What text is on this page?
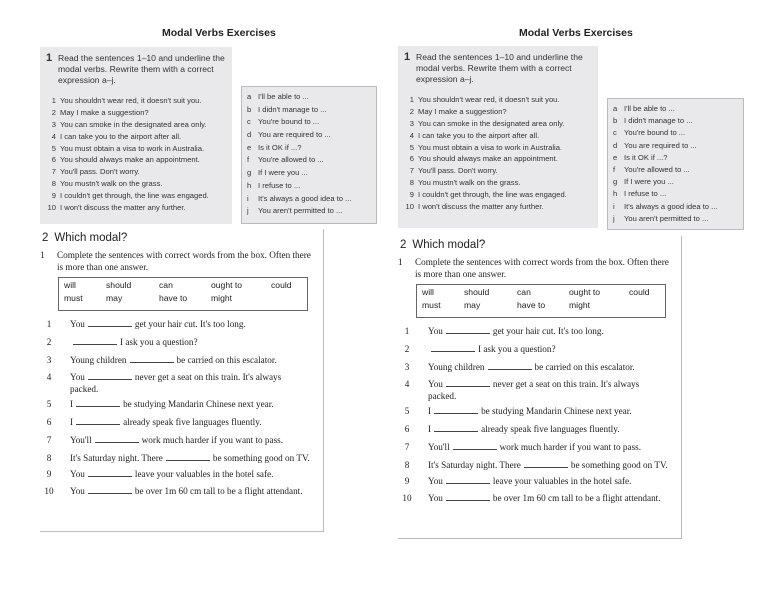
Modal Verbs Exercises
1 Read the sentences 1–10 and underline the modal verbs. Rewrite them with a correct expression a–j.
1 You shouldn't wear red, it doesn't suit you.
2 May I make a suggestion?
3 You can smoke in the designated area only.
4 I can take you to the airport after all.
5 You must obtain a visa to work in Australia.
6 You should always make an appointment.
7 You'll pass. Don't worry.
8 You mustn't walk on the grass.
9 I couldn't get through, the line was engaged.
10 I won't discuss the matter any further.
a I'll be able to ...
b I didn't manage to ...
c You're bound to ...
d You are required to ...
e Is it OK if ...?
f You're allowed to ...
g If I were you ...
h I refuse to ...
i It's always a good idea to ...
j You aren't permitted to ...
2 Which modal?
1 Complete the sentences with correct words from the box. Often there is more than one answer.
will	should	can	ought to	could
must	may	have to	might
1	You	get your hair cut. It's too long.
2	I ask you a question?
3	Young children	be carried on this escalator.
4	You	never get a seat on this train. It's always packed.
5	I	be studying Mandarin Chinese next year.
6	I	already speak five languages fluently.
7	You'll	work much harder if you want to pass.
8	It's Saturday night. There	be something good on TV.
9	You	leave your valuables in the hotel safe.
10	You	be over 1m 60 cm tall to be a flight attendant.
Modal Verbs Exercises
1 Read the sentences 1–10 and underline the modal verbs. Rewrite them with a correct expression a–j.
1 You shouldn't wear red, it doesn't suit you.
2 May I make a suggestion?
3 You can smoke in the designated area only.
4 I can take you to the airport after all.
5 You must obtain a visa to work in Australia.
6 You should always make an appointment.
7 You'll pass. Don't worry.
8 You mustn't walk on the grass.
9 I couldn't get through, the line was engaged.
10 I won't discuss the matter any further.
a I'll be able to ...
b I didn't manage to ...
c You're bound to ...
d You are required to ...
e Is it OK if ...?
f You're allowed to ...
g If I were you ...
h I refuse to ...
i It's always a good idea to ...
j You aren't permitted to ...
2 Which modal?
1 Complete the sentences with correct words from the box. Often there is more than one answer.
will	should	can	ought to	could
must	may	have to	might
1	You	get your hair cut. It's too long.
2	I ask you a question?
3	Young children	be carried on this escalator.
4	You	never get a seat on this train. It's always packed.
5	I	be studying Mandarin Chinese next year.
6	I	already speak five languages fluently.
7	You'll	work much harder if you want to pass.
8	It's Saturday night. There	be something good on TV.
9	You	leave your valuables in the hotel safe.
10	You	be over 1m 60 cm tall to be a flight attendant.
